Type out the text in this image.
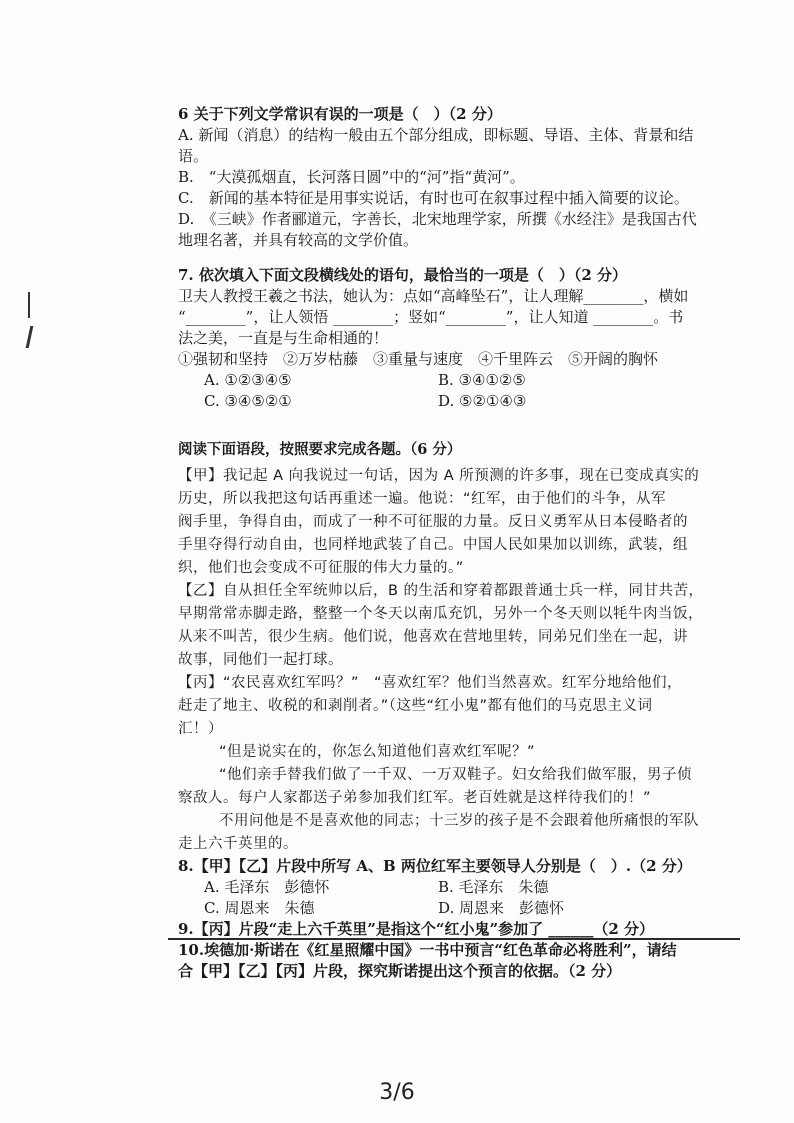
6 关于下列文学常识有误的一项是（　）（2 分）
A. 新闻（消息）的结构一般由五个部分组成，即标题、导语、主体、背景和结
语。
B.　“大漠孤烟直，长河落日圆”中的“河”指“黄河”。
C.　新闻的基本特征是用事实说话，有时也可在叙事过程中插入简要的议论。
D.　《三峡》作者郦道元，字善长，北宋地理学家，所撰《水经注》是我国古代
地理名著，并具有较高的文学价值。
7. 依次填入下面文段横线处的语句，最恰当的一项是（　）（2 分）
卫夫人教授王羲之书法，她认为：点如“高峰坠石”，让人理解________，横如
“________”，让人领悟 ________；竖如“________”，让人知道 ________。书
法之美，一直是与生命相通的！
①强韧和坚持　②万岁枯藤　③重量与速度　④千里阵云　⑤开阔的胸怀
A. ①②③④⑤	B. ③④①②⑤
C. ③④⑤②①	D. ⑤②①④③
阅读下面语段，按照要求完成各题。（6 分）
【甲】我记起 A 向我说过一句话，因为 A 所预测的许多事，现在已变成真实的
历史，所以我把这句话再重述一遍。他说：“红军，由于他们的斗争，从军
阀手里，争得自由，而成了一种不可征服的力量。反日义勇军从日本侵略者的
手里夺得行动自由，也同样地武装了自己。中国人民如果加以训练，武装，组
织，他们也会变成不可征服的伟大力量的。”
【乙】自从担任全军统帅以后，B 的生活和穿着都跟普通士兵一样，同甘共苦，
早期常常赤脚走路，整整一个冬天以南瓜充饥，另外一个冬天则以牦牛肉当饭，
从来不叫苦，很少生病。他们说，他喜欢在营地里转，同弟兄们坐在一起，讲
故事，同他们一起打球。
【丙】“农民喜欢红军吗？”　“喜欢红军？他们当然喜欢。红军分地给他们，
赶走了地主、收税的和剥削者。”（这些“红小鬼”都有他们的马克思主义词
汇！）
　“但是说实在的，你怎么知道他们喜欢红军呢？”
　“他们亲手替我们做了一千双、一万双鞋子。妇女给我们做军服，男子侦
察敌人。每户人家都送子弟参加我们红军。老百姓就是这样待我们的！”
　不用问他是不是喜欢他的同志；十三岁的孩子是不会跟着他所痛恨的军队
走上六千英里的。
8.【甲】【乙】片段中所写 A、B 两位红军主要领导人分别是（　）.（2 分）
A. 毛泽东　彭德怀	B. 毛泽东　朱德
C. 周恩来　朱德	D. 周恩来　彭德怀
9.【丙】片段“走上六千英里”是指这个“红小鬼”参加了 ______（2 分）
10.埃德加·斯诺在《红星照耀中国》一书中预言“红色革命必将胜利”，请结
合【甲】【乙】【丙】片段，探究斯诺提出这个预言的依据。（2 分）
3/6
